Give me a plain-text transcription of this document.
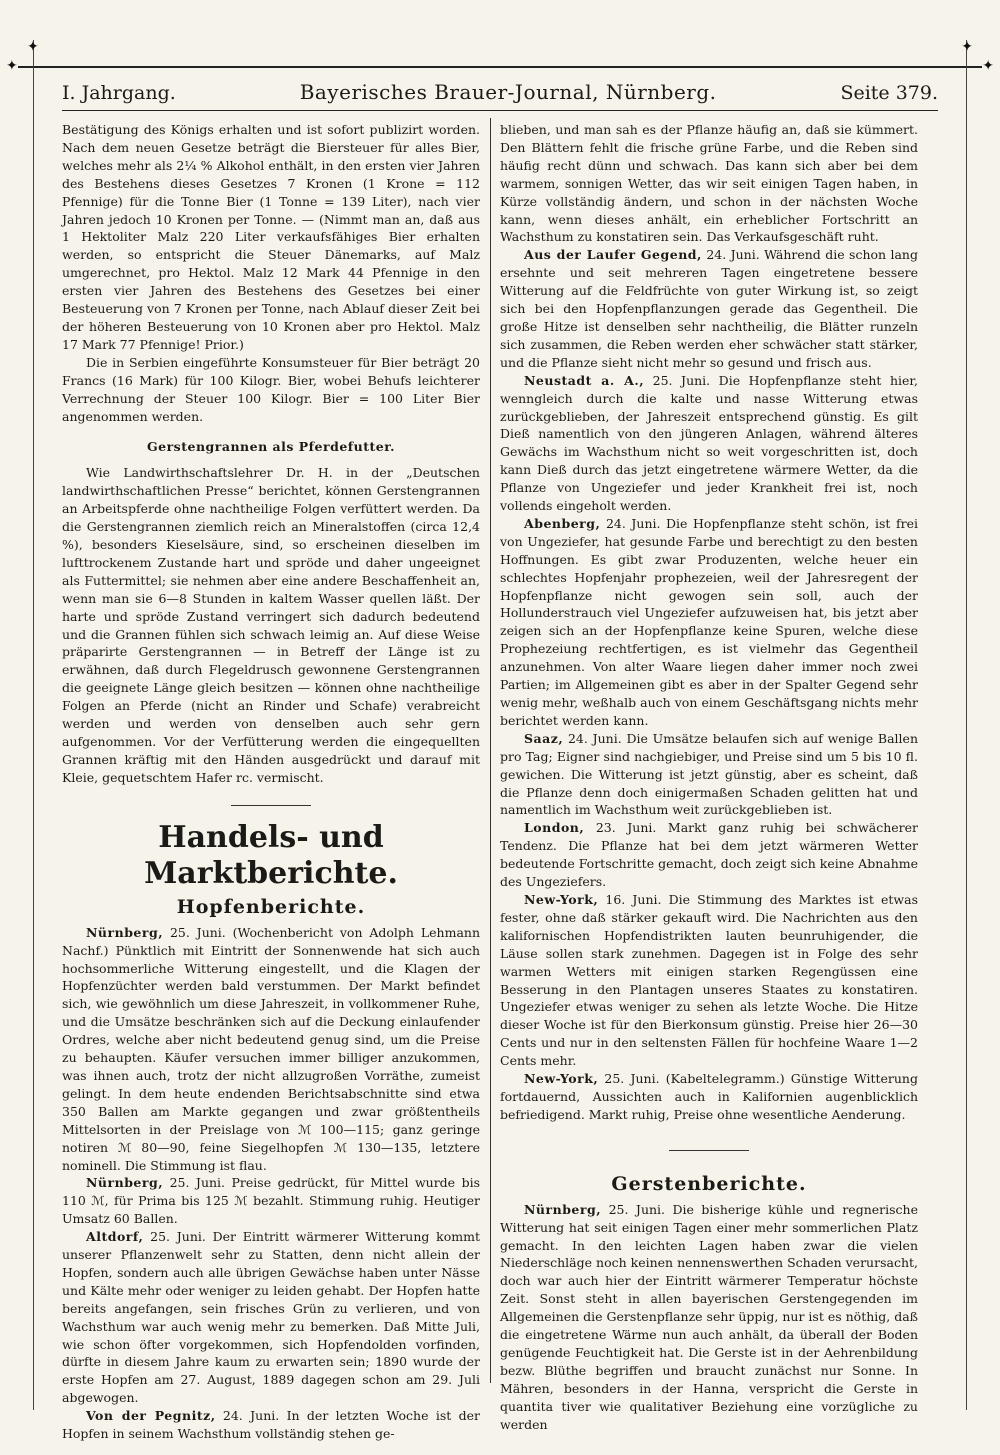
✦
✦
✦
✦
I. Jahrgang.	Bayerisches Brauer-Journal, Nürnberg.	Seite 379.

Bestätigung des Königs erhalten und ist sofort publizirt worden. Nach dem neuen Gesetze beträgt die Biersteuer für alles Bier, welches mehr als 2¼ % Alkohol enthält, in den ersten vier Jahren des Bestehens dieses Gesetzes 7 Kronen (1 Krone = 112 Pfennige) für die Tonne Bier (1 Tonne = 139 Liter), nach vier Jahren jedoch 10 Kronen per Tonne. — (Nimmt man an, daß aus 1 Hektoliter Malz 220 Liter verkaufsfähiges Bier erhalten werden, so entspricht die Steuer Dänemarks, auf Malz umgerechnet, pro Hektol. Malz 12 Mark 44 Pfennige in den ersten vier Jahren des Bestehens des Gesetzes bei einer Besteuerung von 7 Kronen per Tonne, nach Ablauf dieser Zeit bei der höheren Besteuerung von 10 Kronen aber pro Hektol. Malz 17 Mark 77 Pfennige! Prior.)

Die in Serbien eingeführte Konsumsteuer für Bier beträgt 20 Francs (16 Mark) für 100 Kilogr. Bier, wobei Behufs leichterer Verrechnung der Steuer 100 Kilogr. Bier = 100 Liter Bier angenommen werden.

Gerstengrannen als Pferdefutter.

Wie Landwirthschaftslehrer Dr. H. in der „Deutschen landwirthschaftlichen Presse“ berichtet, können Gerstengrannen an Arbeitspferde ohne nachtheilige Folgen verfüttert werden. Da die Gerstengrannen ziemlich reich an Mineralstoffen (circa 12,4 %), besonders Kieselsäure, sind, so erscheinen dieselben im lufttrockenem Zustande hart und spröde und daher ungeeignet als Futtermittel; sie nehmen aber eine andere Beschaffenheit an, wenn man sie 6—8 Stunden in kaltem Wasser quellen läßt. Der harte und spröde Zustand verringert sich dadurch bedeutend und die Grannen fühlen sich schwach leimig an. Auf diese Weise präparirte Gerstengrannen — in Betreff der Länge ist zu erwähnen, daß durch Flegeldrusch gewonnene Gerstengrannen die geeignete Länge gleich besitzen — können ohne nachtheilige Folgen an Pferde (nicht an Rinder und Schafe) verabreicht werden und werden von denselben auch sehr gern aufgenommen. Vor der Verfütterung werden die eingequellten Grannen kräftig mit den Händen ausgedrückt und darauf mit Kleie, gequetschtem Hafer rc. vermischt.

Handels- und Marktberichte.
Hopfenberichte.

Nürnberg, 25. Juni. (Wochenbericht von Adolph Lehmann Nachf.) Pünktlich mit Eintritt der Sonnenwende hat sich auch hochsommerliche Witterung eingestellt, und die Klagen der Hopfenzüchter werden bald verstummen. Der Markt befindet sich, wie gewöhnlich um diese Jahreszeit, in vollkommener Ruhe, und die Umsätze beschränken sich auf die Deckung einlaufender Ordres, welche aber nicht bedeutend genug sind, um die Preise zu behaupten. Käufer versuchen immer billiger anzukommen, was ihnen auch, trotz der nicht allzugroßen Vorräthe, zumeist gelingt. In dem heute endenden Berichtsabschnitte sind etwa 350 Ballen am Markte gegangen und zwar größtentheils Mittelsorten in der Preislage von ℳ 100—115; ganz geringe notiren ℳ 80—90, feine Siegelhopfen ℳ 130—135, letztere nominell. Die Stimmung ist flau.

Nürnberg, 25. Juni. Preise gedrückt, für Mittel wurde bis 110 ℳ, für Prima bis 125 ℳ bezahlt. Stimmung ruhig. Heutiger Umsatz 60 Ballen.

Altdorf, 25. Juni. Der Eintritt wärmerer Witterung kommt unserer Pflanzenwelt sehr zu Statten, denn nicht allein der Hopfen, sondern auch alle übrigen Gewächse haben unter Nässe und Kälte mehr oder weniger zu leiden gehabt. Der Hopfen hatte bereits angefangen, sein frisches Grün zu verlieren, und von Wachsthum war auch wenig mehr zu bemerken. Daß Mitte Juli, wie schon öfter vorgekommen, sich Hopfendolden vorfinden, dürfte in diesem Jahre kaum zu erwarten sein; 1890 wurde der erste Hopfen am 27. August, 1889 dagegen schon am 29. Juli abgewogen.

Von der Pegnitz, 24. Juni. In der letzten Woche ist der Hopfen in seinem Wachsthum vollständig stehen ge-

blieben, und man sah es der Pflanze häufig an, daß sie kümmert. Den Blättern fehlt die frische grüne Farbe, und die Reben sind häufig recht dünn und schwach. Das kann sich aber bei dem warmem, sonnigen Wetter, das wir seit einigen Tagen haben, in Kürze vollständig ändern, und schon in der nächsten Woche kann, wenn dieses anhält, ein erheblicher Fortschritt an Wachsthum zu konstatiren sein. Das Verkaufsgeschäft ruht.

Aus der Laufer Gegend, 24. Juni. Während die schon lang ersehnte und seit mehreren Tagen eingetretene bessere Witterung auf die Feldfrüchte von guter Wirkung ist, so zeigt sich bei den Hopfenpflanzungen gerade das Gegentheil. Die große Hitze ist denselben sehr nachtheilig, die Blätter runzeln sich zusammen, die Reben werden eher schwächer statt stärker, und die Pflanze sieht nicht mehr so gesund und frisch aus.

Neustadt a. A., 25. Juni. Die Hopfenpflanze steht hier, wenngleich durch die kalte und nasse Witterung etwas zurückgeblieben, der Jahreszeit entsprechend günstig. Es gilt Dieß namentlich von den jüngeren Anlagen, während älteres Gewächs im Wachsthum nicht so weit vorgeschritten ist, doch kann Dieß durch das jetzt eingetretene wärmere Wetter, da die Pflanze von Ungeziefer und jeder Krankheit frei ist, noch vollends eingeholt werden.

Abenberg, 24. Juni. Die Hopfenpflanze steht schön, ist frei von Ungeziefer, hat gesunde Farbe und berechtigt zu den besten Hoffnungen. Es gibt zwar Produzenten, welche heuer ein schlechtes Hopfenjahr prophezeien, weil der Jahresregent der Hopfenpflanze nicht gewogen sein soll, auch der Hollunderstrauch viel Ungeziefer aufzuweisen hat, bis jetzt aber zeigen sich an der Hopfenpflanze keine Spuren, welche diese Prophezeiung rechtfertigen, es ist vielmehr das Gegentheil anzunehmen. Von alter Waare liegen daher immer noch zwei Partien; im Allgemeinen gibt es aber in der Spalter Gegend sehr wenig mehr, weßhalb auch von einem Geschäftsgang nichts mehr berichtet werden kann.

Saaz, 24. Juni. Die Umsätze belaufen sich auf wenige Ballen pro Tag; Eigner sind nachgiebiger, und Preise sind um 5 bis 10 fl. gewichen. Die Witterung ist jetzt günstig, aber es scheint, daß die Pflanze denn doch einigermaßen Schaden gelitten hat und namentlich im Wachsthum weit zurückgeblieben ist.

London, 23. Juni. Markt ganz ruhig bei schwächerer Tendenz. Die Pflanze hat bei dem jetzt wärmeren Wetter bedeutende Fortschritte gemacht, doch zeigt sich keine Abnahme des Ungeziefers.

New-York, 16. Juni. Die Stimmung des Marktes ist etwas fester, ohne daß stärker gekauft wird. Die Nachrichten aus den kalifornischen Hopfendistrikten lauten beunruhigender, die Läuse sollen stark zunehmen. Dagegen ist in Folge des sehr warmen Wetters mit einigen starken Regengüssen eine Besserung in den Plantagen unseres Staates zu konstatiren. Ungeziefer etwas weniger zu sehen als letzte Woche. Die Hitze dieser Woche ist für den Bierkonsum günstig. Preise hier 26—30 Cents und nur in den seltensten Fällen für hochfeine Waare 1—2 Cents mehr.

New-York, 25. Juni. (Kabeltelegramm.) Günstige Witterung fortdauernd, Aussichten auch in Kalifornien augenblicklich befriedigend. Markt ruhig, Preise ohne wesentliche Aenderung.

Gerstenberichte.

Nürnberg, 25. Juni. Die bisherige kühle und regnerische Witterung hat seit einigen Tagen einer mehr sommerlichen Platz gemacht. In den leichten Lagen haben zwar die vielen Niederschläge noch keinen nennenswerthen Schaden verursacht, doch war auch hier der Eintritt wärmerer Temperatur höchste Zeit. Sonst steht in allen bayerischen Gerstengegenden im Allgemeinen die Gerstenpflanze sehr üppig, nur ist es nöthig, daß die eingetretene Wärme nun auch anhält, da überall der Boden genügende Feuchtigkeit hat. Die Gerste ist in der Aehrenbildung bezw. Blüthe begriffen und braucht zunächst nur Sonne. In Mähren, besonders in der Hanna, verspricht die Gerste in quantita tiver wie qualitativer Beziehung eine vorzügliche zu werden
